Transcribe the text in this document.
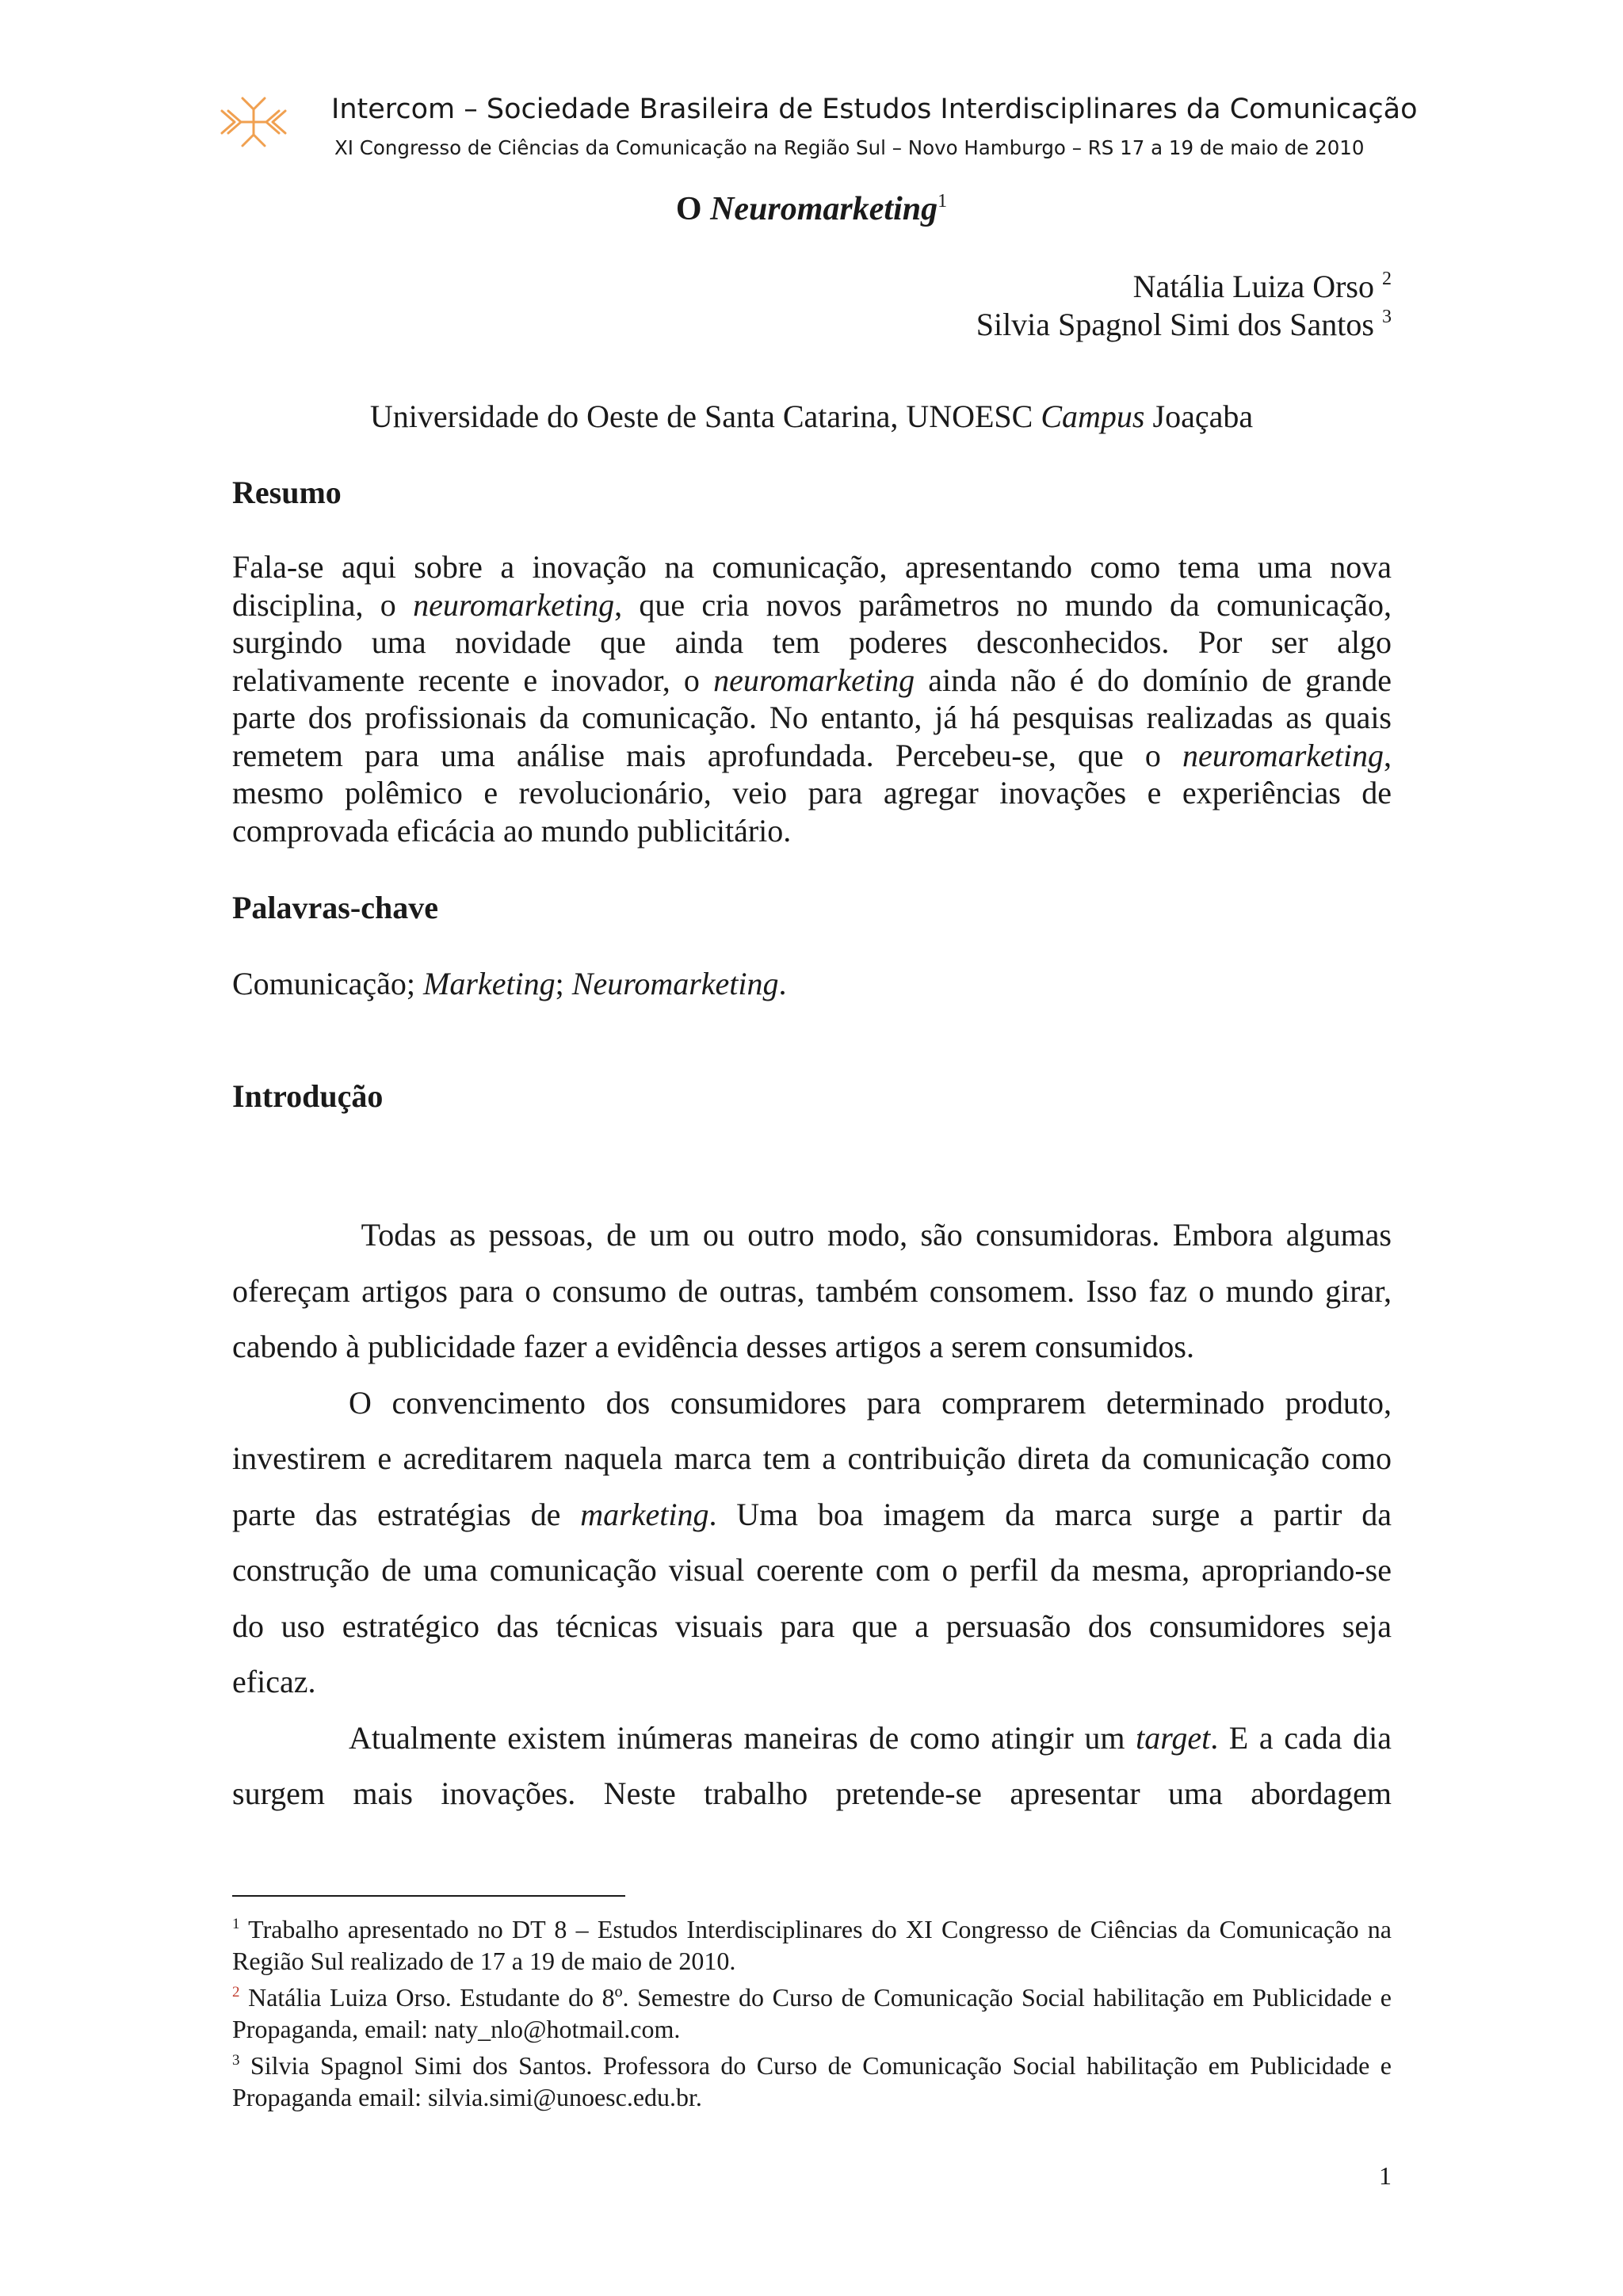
Intercom – Sociedade Brasileira de Estudos Interdisciplinares da Comunicação
XI Congresso de Ciências da Comunicação na Região Sul – Novo Hamburgo – RS 17 a 19 de maio de 2010
O Neuromarketing$^1$
Natália Luiza Orso $^2$
Silvia Spagnol Simi dos Santos $^3$
Universidade do Oeste de Santa Catarina, UNOESC Campus Joaçaba
Resumo
Fala-se aqui sobre a inovação na comunicação, apresentando como tema uma nova
disciplina, o neuromarketing, que cria novos parâmetros no mundo da comunicação,
surgindo uma novidade que ainda tem poderes desconhecidos. Por ser algo
relativamente recente e inovador, o neuromarketing ainda não é do domínio de grande
parte dos profissionais da comunicação. No entanto, já há pesquisas realizadas as quais
remetem para uma análise mais aprofundada. Percebeu-se, que o neuromarketing,
mesmo polêmico e revolucionário, veio para agregar inovações e experiências de
comprovada eficácia ao mundo publicitário.
Palavras-chave
Comunicação; Marketing; Neuromarketing.
Introdução
Todas as pessoas, de um ou outro modo, são consumidoras. Embora algumas
ofereçam artigos para o consumo de outras, também consomem. Isso faz o mundo girar,
cabendo à publicidade fazer a evidência desses artigos a serem consumidos.
O convencimento dos consumidores para comprarem determinado produto,
investirem e acreditarem naquela marca tem a contribuição direta da comunicação como
parte das estratégias de marketing. Uma boa imagem da marca surge a partir da
construção de uma comunicação visual coerente com o perfil da mesma, apropriando-se
do uso estratégico das técnicas visuais para que a persuasão dos consumidores seja
eficaz.
Atualmente existem inúmeras maneiras de como atingir um target. E a cada dia
surgem mais inovações. Neste trabalho pretende-se apresentar uma abordagem

$^1$ Trabalho apresentado no DT 8 – Estudos Interdisciplinares do XI Congresso de Ciências da Comunicação na Região Sul realizado de 17 a 19 de maio de 2010.

$^2$ Natália Luiza Orso. Estudante do 8º. Semestre do Curso de Comunicação Social habilitação em Publicidade e Propaganda, email: naty_nlo@hotmail.com.

$^3$ Silvia Spagnol Simi dos Santos. Professora do Curso de Comunicação Social habilitação em Publicidade e Propaganda email: silvia.simi@unoesc.edu.br.

1
